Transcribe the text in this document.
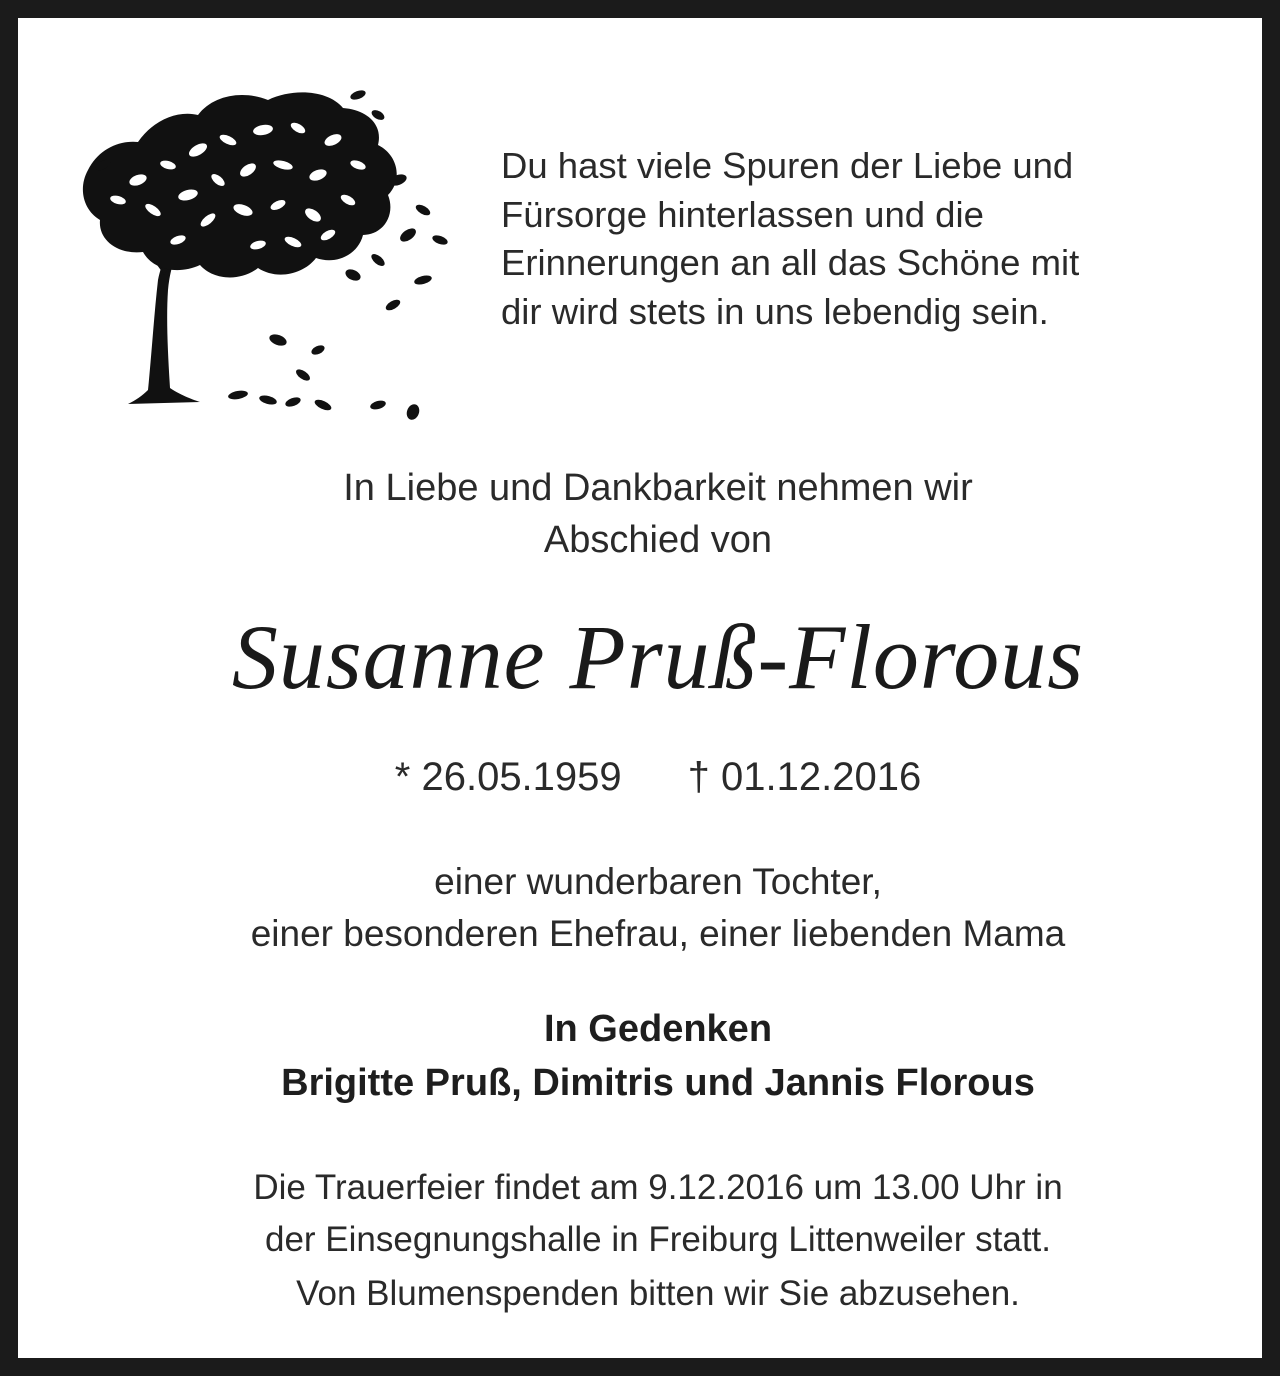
Du hast viele Spuren der Liebe und
Fürsorge hinterlassen und die
Erinnerungen an all das Schöne mit
dir wird stets in uns lebendig sein.
In Liebe und Dankbarkeit nehmen wir
Abschied von
Susanne Pruß-Florous
* 26.05.1959 † 01.12.2016
einer wunderbaren Tochter,
einer besonderen Ehefrau, einer liebenden Mama
In Gedenken
Brigitte Pruß, Dimitris und Jannis Florous
Die Trauerfeier findet am 9.12.2016 um 13.00 Uhr in
der Einsegnungshalle in Freiburg Littenweiler statt.
Von Blumenspenden bitten wir Sie abzusehen.
